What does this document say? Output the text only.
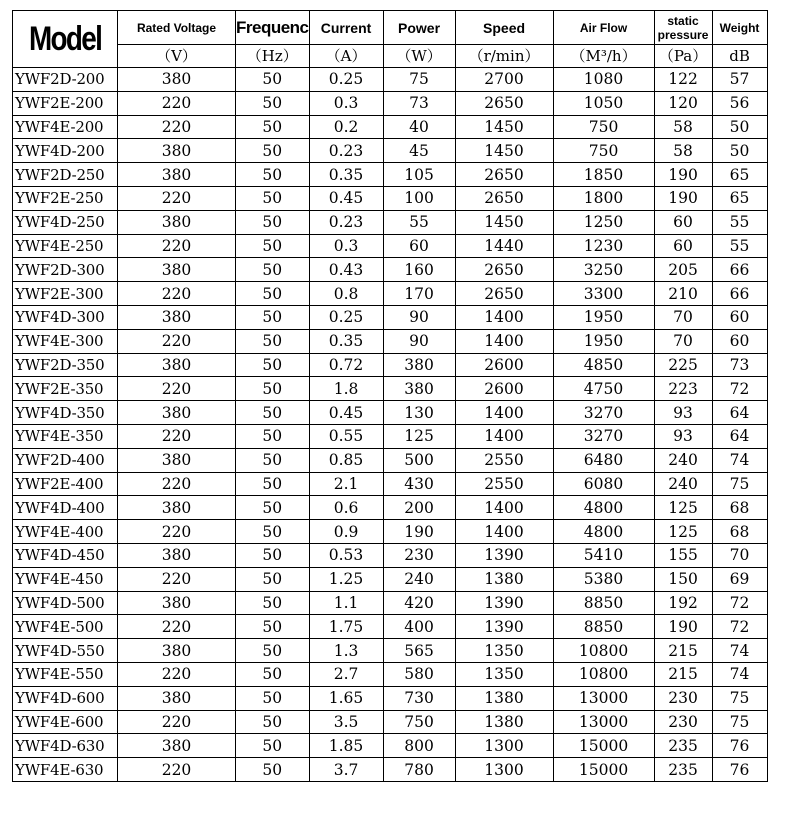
Model	Rated Voltage	Frequenc	Current	Power	Speed	Air Flow	static pressure	Weight
	（V）	（Hz）	（A）	（W）	（r/min）	（M³/h）	（Pa）	dB
YWF2D-200	380	50	0.25	75	2700	1080	122	57
YWF2E-200	220	50	0.3	73	2650	1050	120	56
YWF4E-200	220	50	0.2	40	1450	750	58	50
YWF4D-200	380	50	0.23	45	1450	750	58	50
YWF2D-250	380	50	0.35	105	2650	1850	190	65
YWF2E-250	220	50	0.45	100	2650	1800	190	65
YWF4D-250	380	50	0.23	55	1450	1250	60	55
YWF4E-250	220	50	0.3	60	1440	1230	60	55
YWF2D-300	380	50	0.43	160	2650	3250	205	66
YWF2E-300	220	50	0.8	170	2650	3300	210	66
YWF4D-300	380	50	0.25	90	1400	1950	70	60
YWF4E-300	220	50	0.35	90	1400	1950	70	60
YWF2D-350	380	50	0.72	380	2600	4850	225	73
YWF2E-350	220	50	1.8	380	2600	4750	223	72
YWF4D-350	380	50	0.45	130	1400	3270	93	64
YWF4E-350	220	50	0.55	125	1400	3270	93	64
YWF2D-400	380	50	0.85	500	2550	6480	240	74
YWF2E-400	220	50	2.1	430	2550	6080	240	75
YWF4D-400	380	50	0.6	200	1400	4800	125	68
YWF4E-400	220	50	0.9	190	1400	4800	125	68
YWF4D-450	380	50	0.53	230	1390	5410	155	70
YWF4E-450	220	50	1.25	240	1380	5380	150	69
YWF4D-500	380	50	1.1	420	1390	8850	192	72
YWF4E-500	220	50	1.75	400	1390	8850	190	72
YWF4D-550	380	50	1.3	565	1350	10800	215	74
YWF4E-550	220	50	2.7	580	1350	10800	215	74
YWF4D-600	380	50	1.65	730	1380	13000	230	75
YWF4E-600	220	50	3.5	750	1380	13000	230	75
YWF4D-630	380	50	1.85	800	1300	15000	235	76
YWF4E-630	220	50	3.7	780	1300	15000	235	76
